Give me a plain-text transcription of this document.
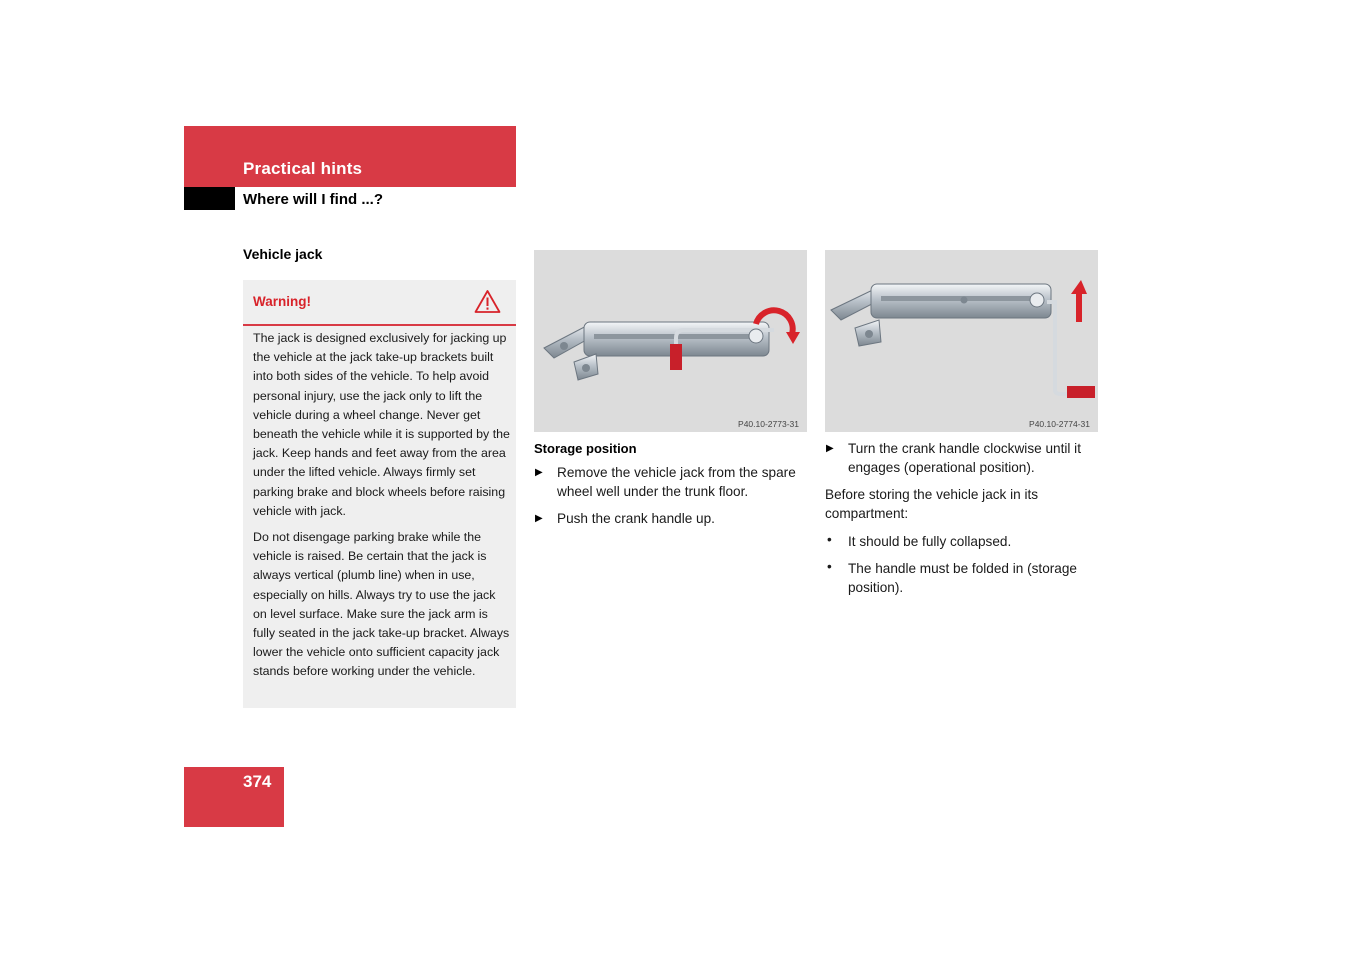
Practical hints
Where will I find ...?
Vehicle jack
Warning!
The jack is designed exclusively for jacking up the vehicle at the jack take-up brackets built into both sides of the vehicle. To help avoid personal injury, use the jack only to lift the vehicle during a wheel change. Never get beneath the vehicle while it is supported by the jack. Keep hands and feet away from the area under the lifted vehicle. Always firmly set parking brake and block wheels before raising vehicle with jack.
Do not disengage parking brake while the vehicle is raised. Be certain that the jack is always vertical (plumb line) when in use, especially on hills. Always try to use the jack on level surface. Make sure the jack arm is fully seated in the jack take-up bracket. Always lower the vehicle onto sufficient capacity jack stands before working under the vehicle.
P40.10-2773-31	P40.10-2774-31
Storage position
▶ Remove the vehicle jack from the spare wheel well under the trunk floor.
▶ Push the crank handle up.
▶ Turn the crank handle clockwise until it engages (operational position).
Before storing the vehicle jack in its compartment:
• It should be fully collapsed.
• The handle must be folded in (storage position).
374
